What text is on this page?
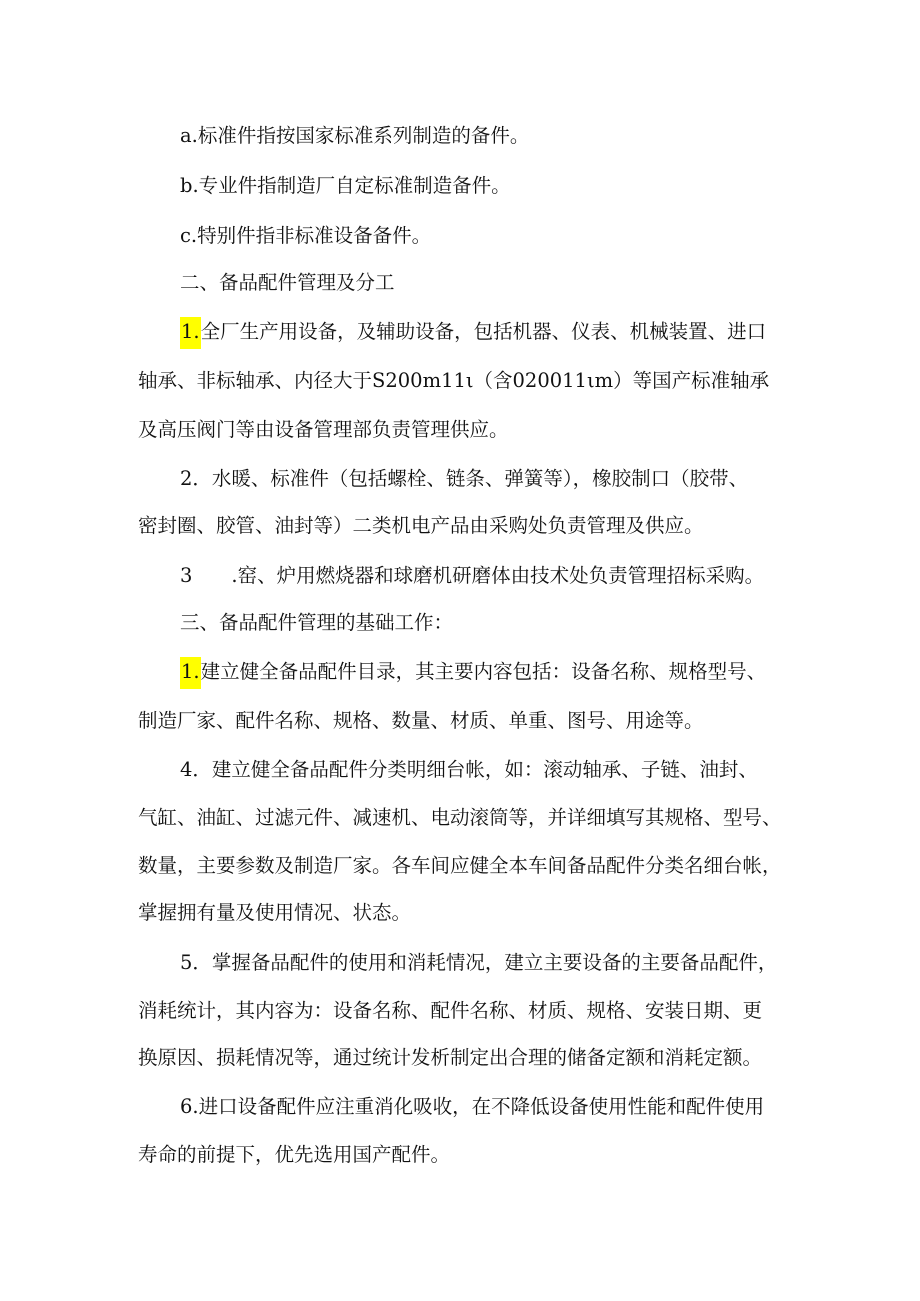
a.标准件指按国家标准系列制造的备件。
b.专业件指制造厂自定标准制造备件。
c.特别件指非标准设备备件。
二、备品配件管理及分工
1.全厂生产用设备，及辅助设备，包括机器、仪表、机械装置、进口
轴承、非标轴承、内径大于S200m11ι（含020011ιm）等国产标准轴承
及高压阀门等由设备管理部负责管理供应。
2．水暖、标准件（包括螺栓、链条、弹簧等），橡胶制口（胶带、
密封圈、胶管、油封等）二类机电产品由采购处负责管理及供应。
3　　.窑、炉用燃烧器和球磨机研磨体由技术处负责管理招标采购。
三、备品配件管理的基础工作：
1.建立健全备品配件目录，其主要内容包括：设备名称、规格型号、
制造厂家、配件名称、规格、数量、材质、单重、图号、用途等。
4．建立健全备品配件分类明细台帐，如：滚动轴承、子链、油封、
气缸、油缸、过滤元件、减速机、电动滚筒等，并详细填写其规格、型号、
数量，主要参数及制造厂家。各车间应健全本车间备品配件分类名细台帐，
掌握拥有量及使用情况、状态。
5．掌握备品配件的使用和消耗情况，建立主要设备的主要备品配件，
消耗统计，其内容为：设备名称、配件名称、材质、规格、安装日期、更
换原因、损耗情况等，通过统计发析制定出合理的储备定额和消耗定额。
6.进口设备配件应注重消化吸收，在不降低设备使用性能和配件使用
寿命的前提下，优先选用国产配件。
